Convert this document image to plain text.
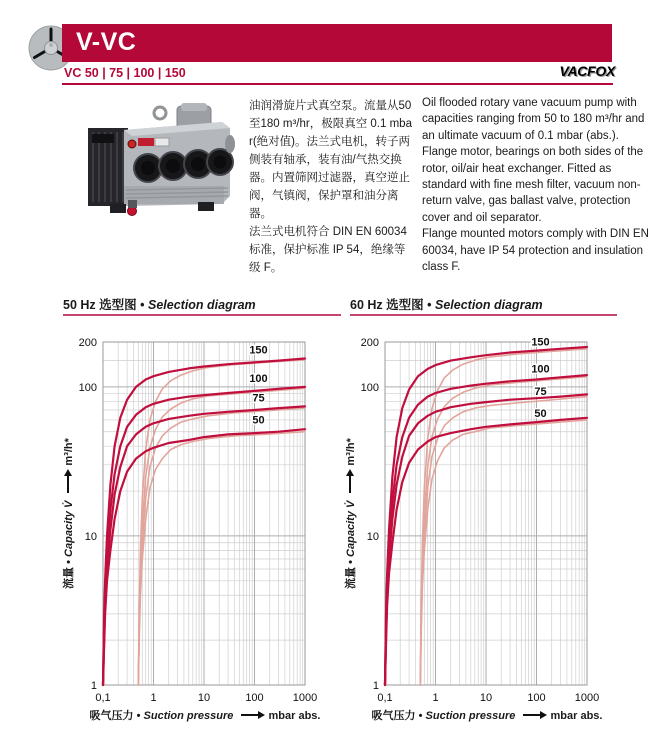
V-VC
VC 50 | 75 | 100 | 150	VACFOX

油润滑旋片式真空泵。流量从50至180 m³/hr，极限真空 0.1 mbar(绝对值)。法兰式电机，转子两侧装有轴承，装有油/气热交换器。内置筛网过滤器，真空逆止阀，气镇阀，保护罩和油分离器。

法兰式电机符合 DIN EN 60034 标准，保护标准 IP 54，绝缘等级 F。

Oil flooded rotary vane vacuum pump with capacities ranging from 50 to 180 m³/hr and an ultimate vacuum of 0.1 mbar (abs.). Flange motor, bearings on both sides of the rotor, oil/air heat exchanger. Fitted as standard with fine mesh filter, vacuum non-return valve, gas ballast valve, protection cover and oil separator.

Flange mounted motors comply with DIN EN 60034, have IP 54 protection and insulation class F.

50 Hz 选型图 • Selection diagram	60 Hz 选型图 • Selection diagram
150
100
75
50
1
10
100
200
0,1	1	10	100	1000
150
100
75
50
1
10
100
200
0,1	1	10	100	1000
流量 • Capacity V̇  m³/h*
流量 • Capacity V̇  m³/h*
吸气压力 • Suction pressure	mbar abs.	吸气压力 • Suction pressure	mbar abs.
